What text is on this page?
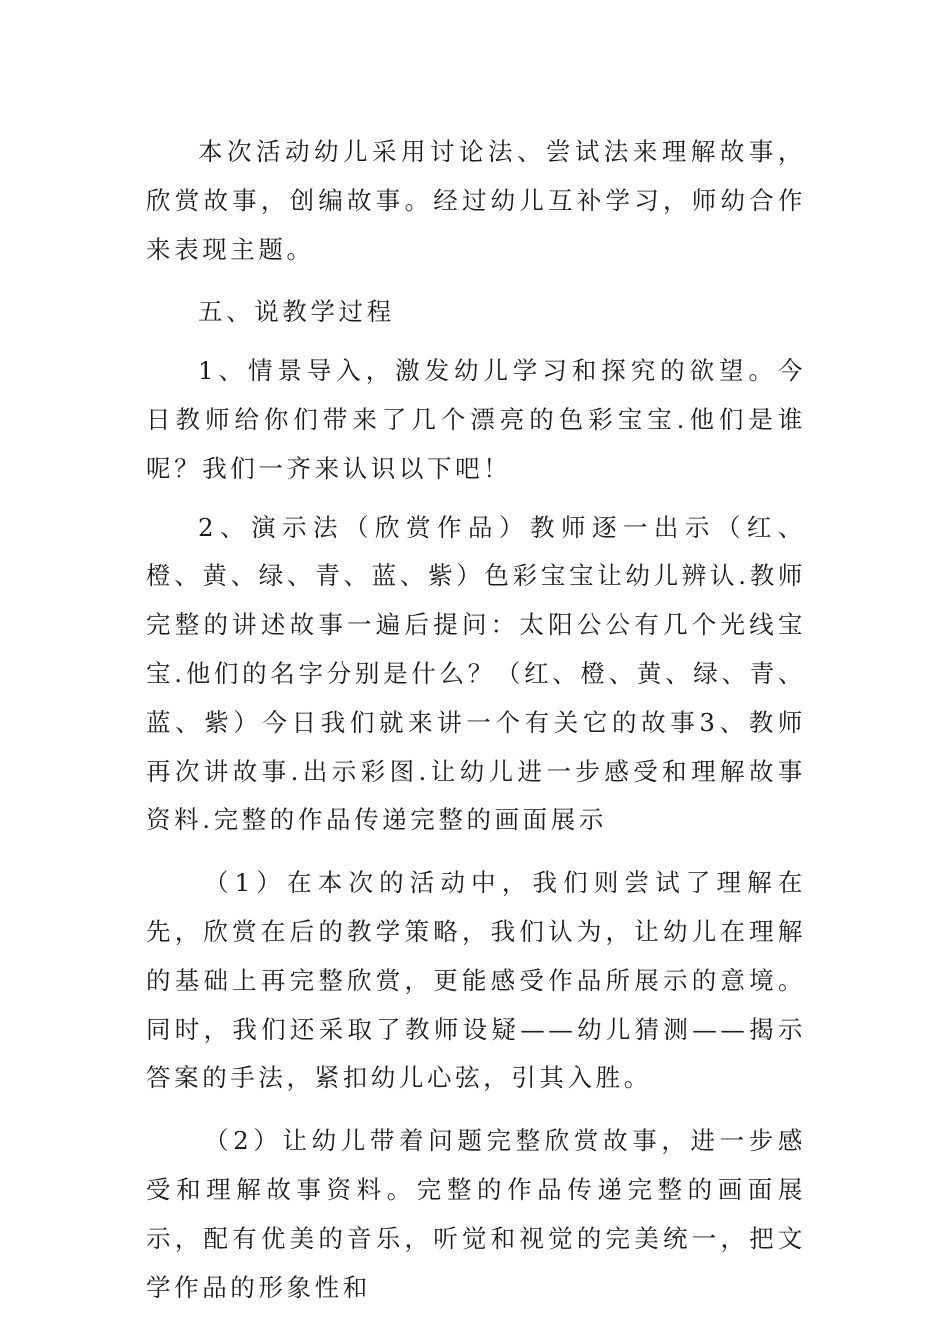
本次活动幼儿采用讨论法、尝试法来理解故事，欣赏故事，创编故事。经过幼儿互补学习，师幼合作来表现主题。

五、说教学过程

1、情景导入，激发幼儿学习和探究的欲望。今日教师给你们带来了几个漂亮的色彩宝宝.他们是谁呢？我们一齐来认识以下吧！

2、演示法（欣赏作品）教师逐一出示（红、橙、黄、绿、青、蓝、紫）色彩宝宝让幼儿辨认.教师完整的讲述故事一遍后提问：太阳公公有几个光线宝宝.他们的名字分别是什么？（红、橙、黄、绿、青、蓝、紫）今日我们就来讲一个有关它的故事3、教师再次讲故事.出示彩图.让幼儿进一步感受和理解故事资料.完整的作品传递完整的画面展示

（1）在本次的活动中，我们则尝试了理解在先，欣赏在后的教学策略，我们认为，让幼儿在理解的基础上再完整欣赏，更能感受作品所展示的意境。同时，我们还采取了教师设疑——幼儿猜测——揭示答案的手法，紧扣幼儿心弦，引其入胜。

（2）让幼儿带着问题完整欣赏故事，进一步感受和理解故事资料。完整的作品传递完整的画面展示，配有优美的音乐，听觉和视觉的完美统一，把文学作品的形象性和
